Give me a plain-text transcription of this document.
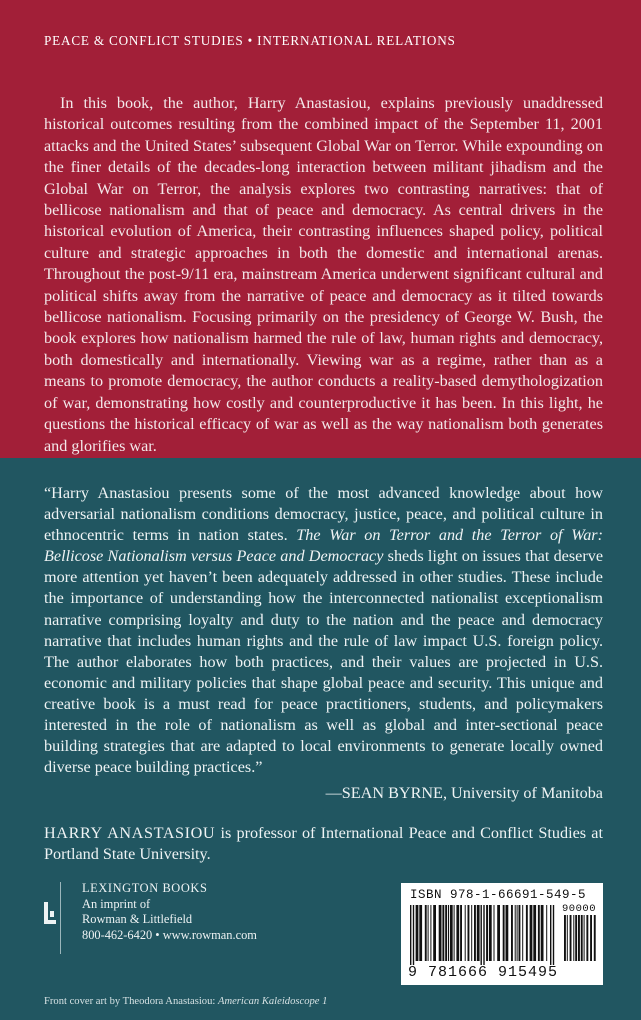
PEACE & CONFLICT STUDIES • INTERNATIONAL RELATIONS

In this book, the author, Harry Anastasiou, explains previously unaddressed historical outcomes resulting from the combined impact of the September 11, 2001 attacks and the United States’ subsequent Global War on Terror. While expounding on the finer details of the decades-long interaction between militant jihadism and the Global War on Terror, the analysis explores two contrasting narratives: that of bellicose nationalism and that of peace and democracy. As central drivers in the historical evolution of America, their contrasting influences shaped policy, political culture and strategic approaches in both the domestic and international arenas. Throughout the post-9/11 era, mainstream America underwent significant cultural and political shifts away from the narrative of peace and democracy as it tilted towards bellicose nationalism. Focusing primarily on the presidency of George W. Bush, the book explores how nationalism harmed the rule of law, human rights and democracy, both domestically and internationally. Viewing war as a regime, rather than as a means to promote democracy, the author conducts a reality-based demythologization of war, demonstrating how costly and counterproductive it has been. In this light, he questions the historical efficacy of war as well as the way nationalism both generates and glorifies war.

“Harry Anastasiou presents some of the most advanced knowledge about how adversarial nationalism conditions democracy, justice, peace, and political culture in ethnocentric terms in nation states. The War on Terror and the Terror of War: Bellicose Nationalism versus Peace and Democracy sheds light on issues that deserve more attention yet haven’t been adequately addressed in other studies. These include the importance of understanding how the interconnected nationalist exceptionalism narrative comprising loyalty and duty to the nation and the peace and democracy narrative that includes human rights and the rule of law impact U.S. foreign policy. The author elaborates how both practices, and their values are projected in U.S. economic and military policies that shape global peace and security. This unique and creative book is a must read for peace practitioners, students, and policymakers interested in the role of nationalism as well as global and inter-sectional peace building strategies that are adapted to local environments to generate locally owned diverse peace building practices.”

—SEAN BYRNE, University of Manitoba

HARRY ANASTASIOU is professor of International Peace and Conflict Studies at Portland State University.

LEXINGTON BOOKS
An imprint of
Rowman & Littlefield
800-462-6420 • www.rowman.com
ISBN 978-1-66691-549-5
90000
9 781666 915495
Front cover art by Theodora Anastasiou: American Kaleidoscope 1
